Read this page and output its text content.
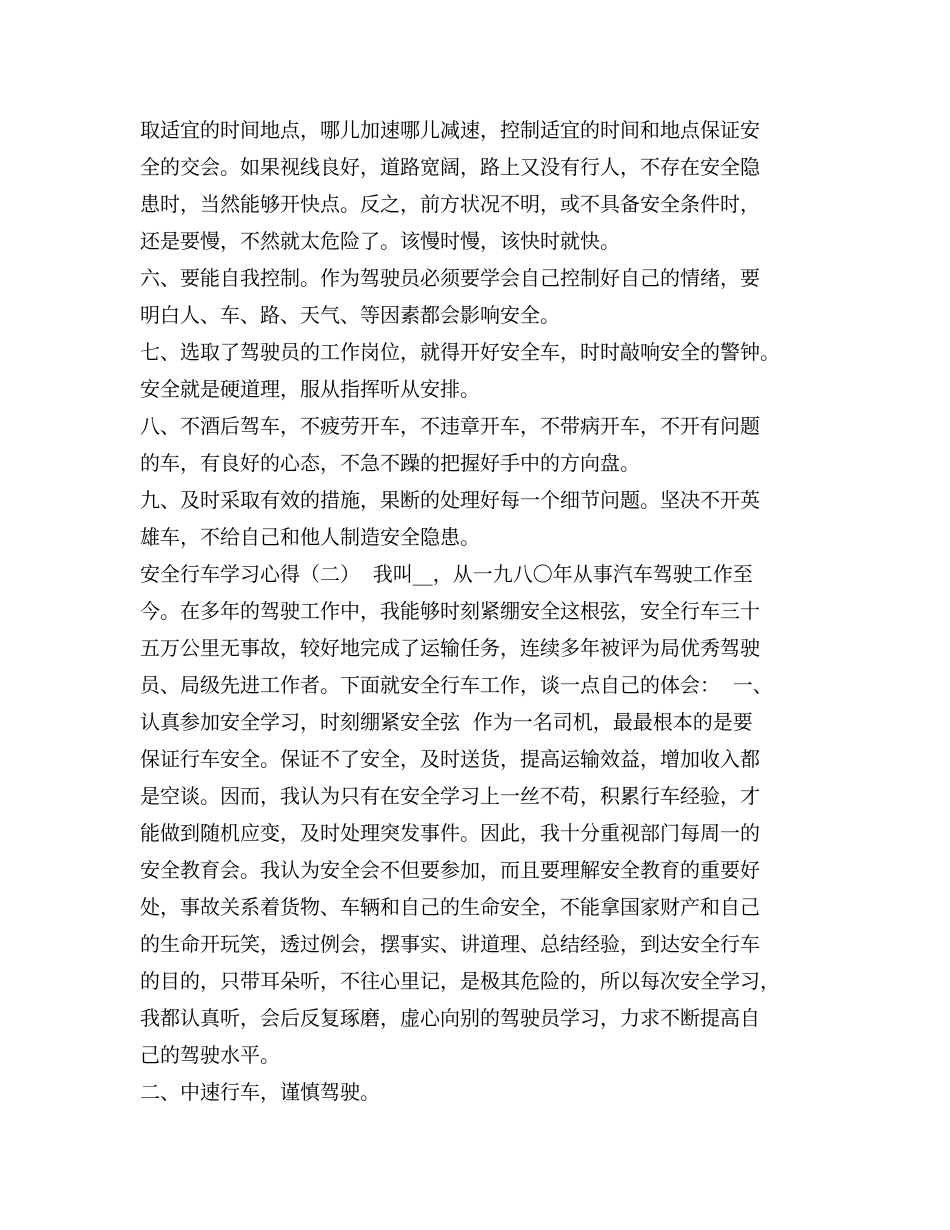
取适宜的时间地点，哪儿加速哪儿减速，控制适宜的时间和地点保证安
全的交会。如果视线良好，道路宽阔，路上又没有行人，不存在安全隐
患时，当然能够开快点。反之，前方状况不明，或不具备安全条件时，
还是要慢，不然就太危险了。该慢时慢，该快时就快。
六、要能自我控制。作为驾驶员必须要学会自己控制好自己的情绪，要
明白人、车、路、天气、等因素都会影响安全。
七、选取了驾驶员的工作岗位，就得开好安全车，时时敲响安全的警钟。
安全就是硬道理，服从指挥听从安排。
八、不酒后驾车，不疲劳开车，不违章开车，不带病开车，不开有问题
的车，有良好的心态，不急不躁的把握好手中的方向盘。
九、及时采取有效的措施，果断的处理好每一个细节问题。坚决不开英
雄车，不给自己和他人制造安全隐患。
安全行车学习心得（二）  我叫__，从一九八〇年从事汽车驾驶工作至
今。在多年的驾驶工作中，我能够时刻紧绷安全这根弦，安全行车三十
五万公里无事故，较好地完成了运输任务，连续多年被评为局优秀驾驶
员、局级先进工作者。下面就安全行车工作，谈一点自己的体会：  一、
认真参加安全学习，时刻绷紧安全弦  作为一名司机，最最根本的是要
保证行车安全。保证不了安全，及时送货，提高运输效益，增加收入都
是空谈。因而，我认为只有在安全学习上一丝不苟，积累行车经验，才
能做到随机应变，及时处理突发事件。因此，我十分重视部门每周一的
安全教育会。我认为安全会不但要参加，而且要理解安全教育的重要好
处，事故关系着货物、车辆和自己的生命安全，不能拿国家财产和自己
的生命开玩笑，透过例会，摆事实、讲道理、总结经验，到达安全行车
的目的，只带耳朵听，不往心里记，是极其危险的，所以每次安全学习，
我都认真听，会后反复琢磨，虚心向别的驾驶员学习，力求不断提高自
己的驾驶水平。
二、中速行车，谨慎驾驶。
